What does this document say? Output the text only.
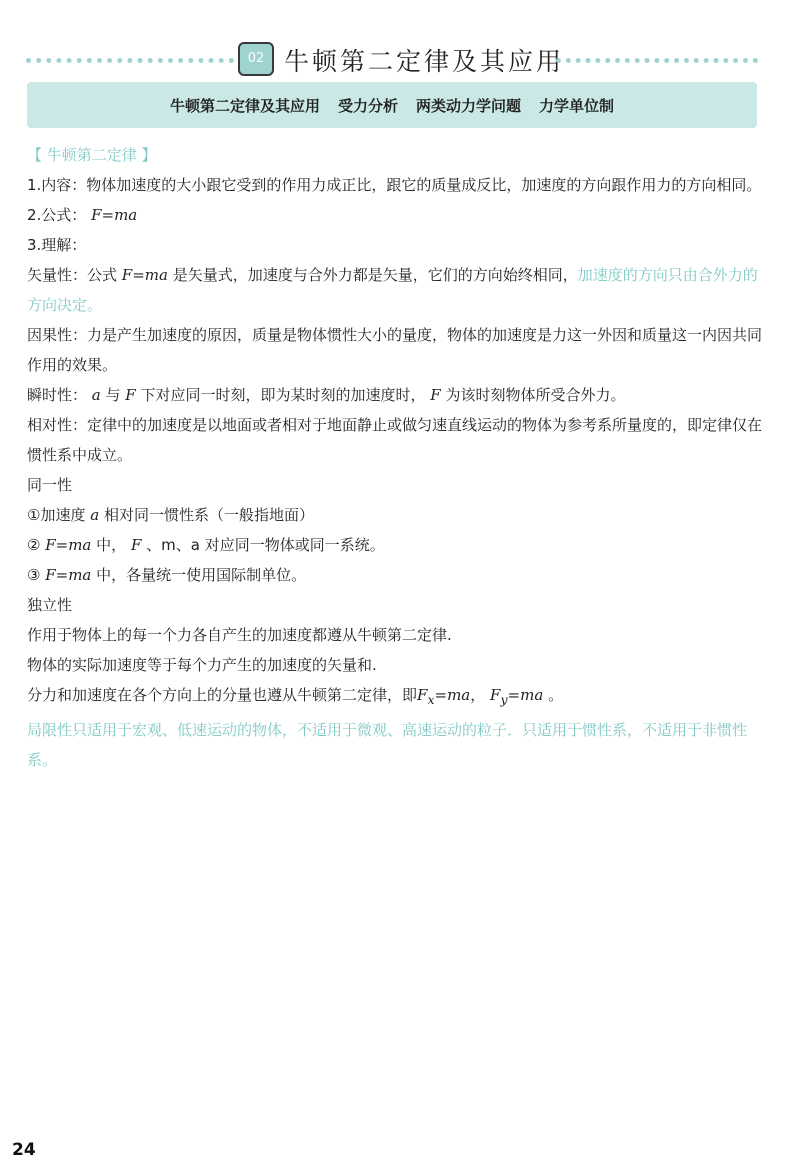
02 牛顿第二定律及其应用
牛顿第二定律及其应用 受力分析 两类动力学问题 力学单位制

【 牛顿第二定律 】

1.内容：物体加速度的大小跟它受到的作用力成正比，跟它的质量成反比，加速度的方向跟作用力的方向相同。

2.公式： F=ma

3.理解：

矢量性：公式 F=ma 是矢量式，加速度与合外力都是矢量，它们的方向始终相同，加速度的方向只由合外力的方向决定。

因果性：力是产生加速度的原因，质量是物体惯性大小的量度，物体的加速度是力这一外因和质量这一内因共同作用的效果。

瞬时性： a 与 F 下对应同一时刻，即为某时刻的加速度时， F 为该时刻物体所受合外力。

相对性：定律中的加速度是以地面或者相对于地面静止或做匀速直线运动的物体为参考系所量度的，即定律仅在惯性系中成立。

同一性

①加速度 a 相对同一惯性系（一般指地面）

② F=ma 中， F 、m、a 对应同一物体或同一系统。

③ F=ma 中，各量统一使用国际制单位。

独立性

作用于物体上的每一个力各自产生的加速度都遵从牛顿第二定律.

物体的实际加速度等于每个力产生的加速度的矢量和.

分力和加速度在各个方向上的分量也遵从牛顿第二定律，即$F_x=ma$， $F_y=ma$ 。

局限性只适用于宏观、低速运动的物体，不适用于微观、高速运动的粒子．只适用于惯性系，不适用于非惯性系。

24
